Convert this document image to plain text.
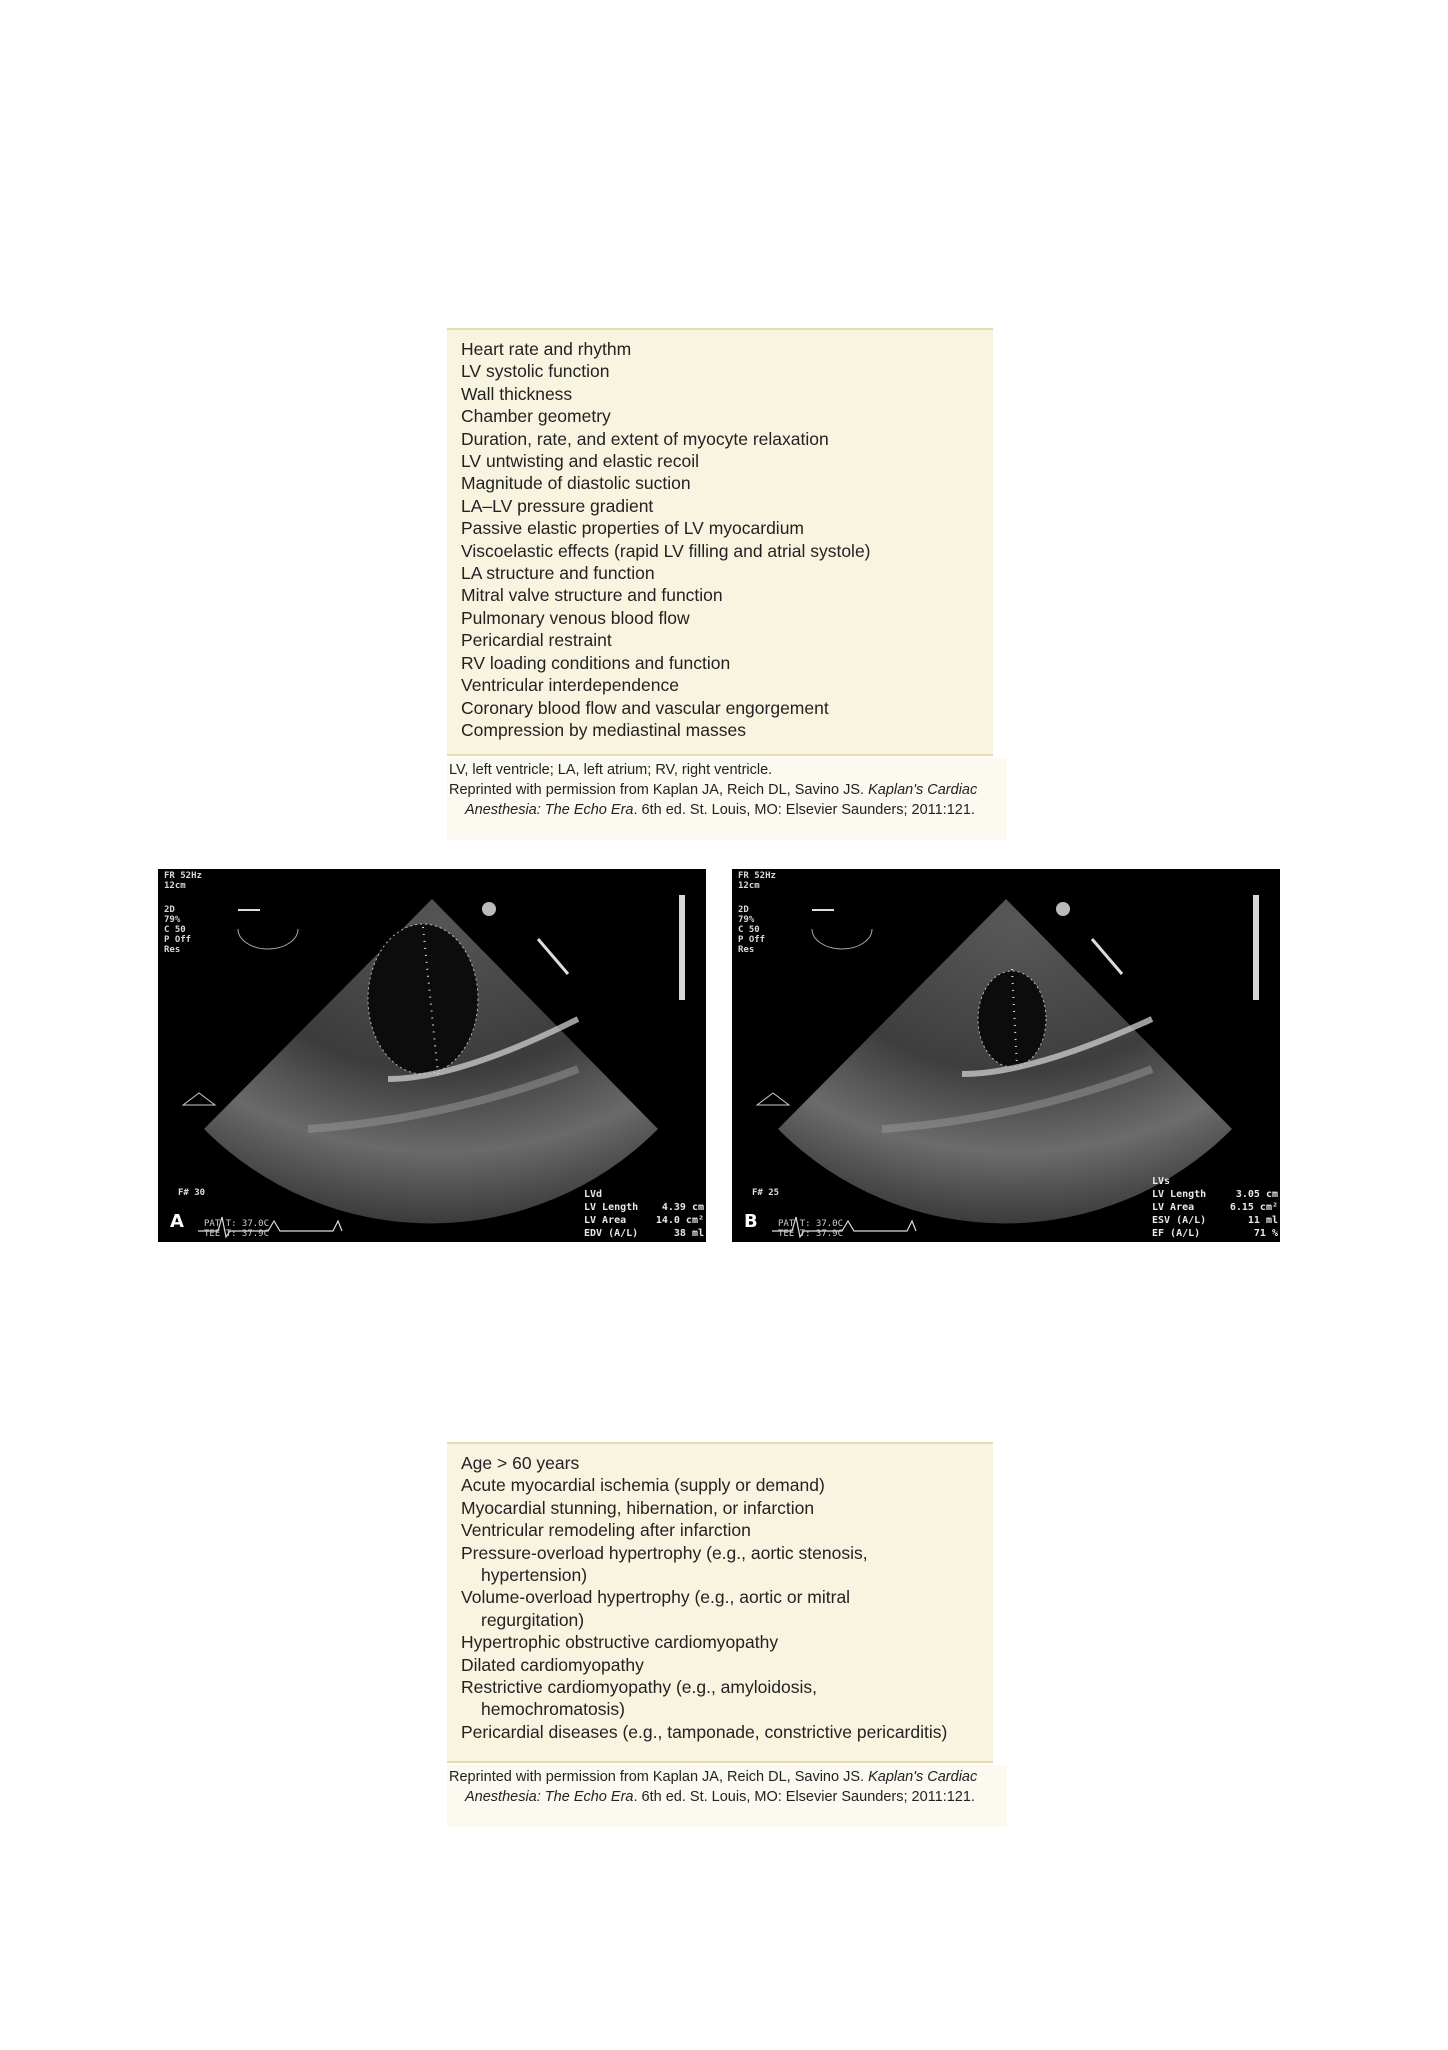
Heart rate and rhythm
LV systolic function
Wall thickness
Chamber geometry
Duration, rate, and extent of myocyte relaxation
LV untwisting and elastic recoil
Magnitude of diastolic suction
LA–LV pressure gradient
Passive elastic properties of LV myocardium
Viscoelastic effects (rapid LV filling and atrial systole)
LA structure and function
Mitral valve structure and function
Pulmonary venous blood flow
Pericardial restraint
RV loading conditions and function
Ventricular interdependence
Coronary blood flow and vascular engorgement
Compression by mediastinal masses

LV, left ventricle; LA, left atrium; RV, right ventricle.

Reprinted with permission from Kaplan JA, Reich DL, Savino JS. Kaplan's Cardiac Anesthesia: The Echo Era. 6th ed. St. Louis, MO: Elsevier Saunders; 2011:121.

FR 52Hz
12cm
2D
79%
C 50
P Off
Res
F# 30
PAT T: 37.0C
TEE T: 37.9C
A
LVd
LV Length 4.39 cm
LV Area	14.0 cm²
EDV (A/L)	38 ml
FR 52Hz
12cm
2D
79%
C 50
P Off
Res
F# 25
PAT T: 37.0C
TEE T: 37.9C
B
LVs
LV Length	3.05 cm
LV Area	6.15 cm²
ESV (A/L)	11 ml
EF (A/L)	71 %
Age > 60 years
Acute myocardial ischemia (supply or demand)
Myocardial stunning, hibernation, or infarction
Ventricular remodeling after infarction
Pressure-overload hypertrophy (e.g., aortic stenosis, hypertension)
Volume-overload hypertrophy (e.g., aortic or mitral regurgitation)
Hypertrophic obstructive cardiomyopathy
Dilated cardiomyopathy
Restrictive cardiomyopathy (e.g., amyloidosis, hemochromatosis)
Pericardial diseases (e.g., tamponade, constrictive pericarditis)

Reprinted with permission from Kaplan JA, Reich DL, Savino JS. Kaplan's Cardiac Anesthesia: The Echo Era. 6th ed. St. Louis, MO: Elsevier Saunders; 2011:121.
